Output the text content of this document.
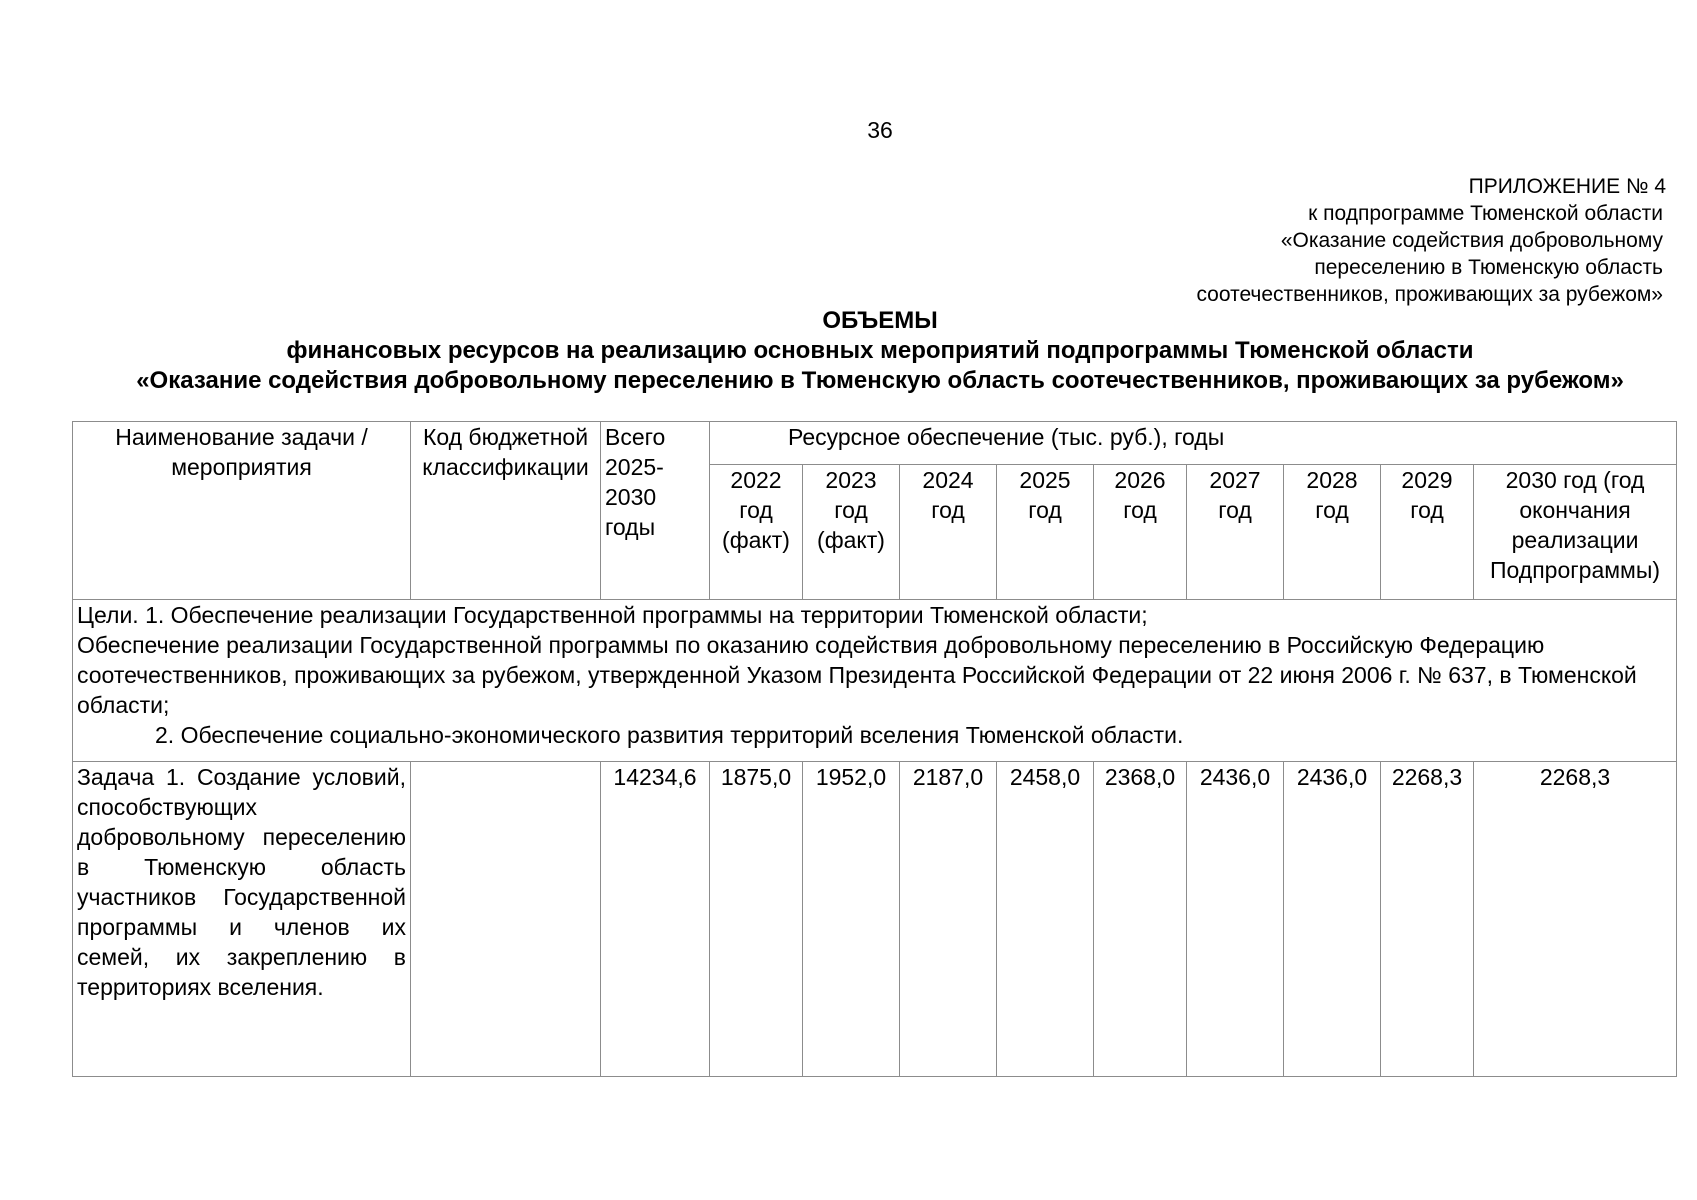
36
ПРИЛОЖЕНИЕ № 4
к подпрограмме Тюменской области
«Оказание содействия добровольному
переселению в Тюменскую область
соотечественников, проживающих за рубежом»
ОБЪЕМЫ
финансовых ресурсов на реализацию основных мероприятий подпрограммы Тюменской области
«Оказание содействия добровольному переселению в Тюменскую область соотечественников, проживающих за рубежом»
Наименование задачи / мероприятия	Код бюджетной классификации	Всего 2025-2030 годы	Ресурсное обеспечение (тыс. руб.), годы								
			2022 год (факт)	2023 год (факт)	2024 год	2025 год	2026 год	2027 год	2028 год	2029 год	2030 год (год окончания реализации Подпрограммы)

Цели. 1. Обеспечение реализации Государственной программы на территории Тюменской области;
Обеспечение реализации Государственной программы по оказанию содействия добровольному переселению в Российскую Федерацию соотечественников, проживающих за рубежом, утвержденной Указом Президента Российской Федерации от 22 июня 2006 г. № 637, в Тюменской области;
2. Обеспечение социально-экономического развития территорий вселения Тюменской области.											

Задача 1. Создание условий, способствующих добровольному переселению в Тюменскую область участников Государственной программы и членов их семей, их закреплению в территориях вселения.		14234,6	1875,0	1952,0	2187,0	2458,0	2368,0	2436,0	2436,0	2268,3	2268,3
